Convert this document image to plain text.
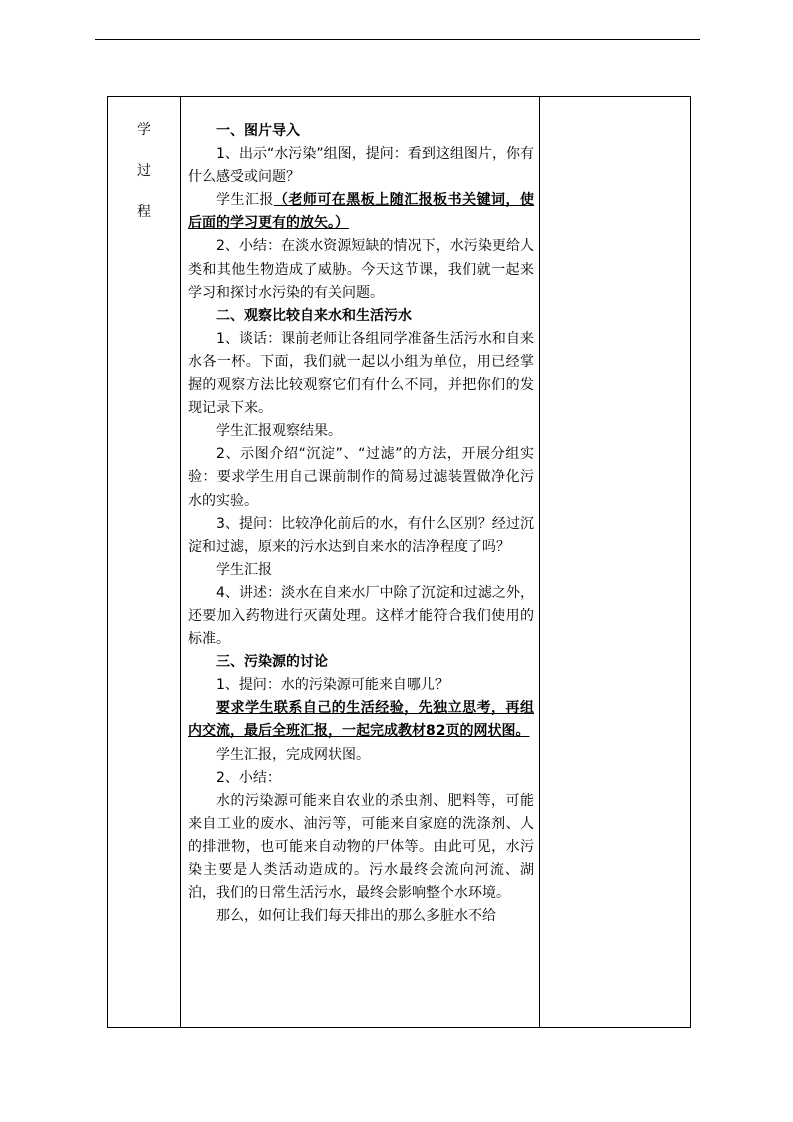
学
过
程

一、图片导入

1、出示“水污染”组图，提问：看到这组图片，你有什么感受或问题？

学生汇报（老师可在黑板上随汇报板书关键词，使后面的学习更有的放矢。）

2、小结：在淡水资源短缺的情况下，水污染更给人类和其他生物造成了威胁。今天这节课，我们就一起来学习和探讨水污染的有关问题。

二、观察比较自来水和生活污水

1、谈话：课前老师让各组同学准备生活污水和自来水各一杯。下面，我们就一起以小组为单位，用已经掌握的观察方法比较观察它们有什么不同，并把你们的发现记录下来。

学生汇报观察结果。

2、示图介绍“沉淀”、“过滤”的方法，开展分组实验：要求学生用自己课前制作的简易过滤装置做净化污水的实验。

3、提问：比较净化前后的水，有什么区别？经过沉淀和过滤，原来的污水达到自来水的洁净程度了吗？

学生汇报

4、讲述：淡水在自来水厂中除了沉淀和过滤之外，还要加入药物进行灭菌处理。这样才能符合我们使用的标准。

三、污染源的讨论

1、提问：水的污染源可能来自哪儿？

要求学生联系自己的生活经验，先独立思考，再组内交流，最后全班汇报，一起完成教材82页的网状图。

学生汇报，完成网状图。

2、小结：

水的污染源可能来自农业的杀虫剂、肥料等，可能来自工业的废水、油污等，可能来自家庭的洗涤剂、人的排泄物，也可能来自动物的尸体等。由此可见，水污染主要是人类活动造成的。污水最终会流向河流、湖泊，我们的日常生活污水，最终会影响整个水环境。

那么，如何让我们每天排出的那么多脏水不给
